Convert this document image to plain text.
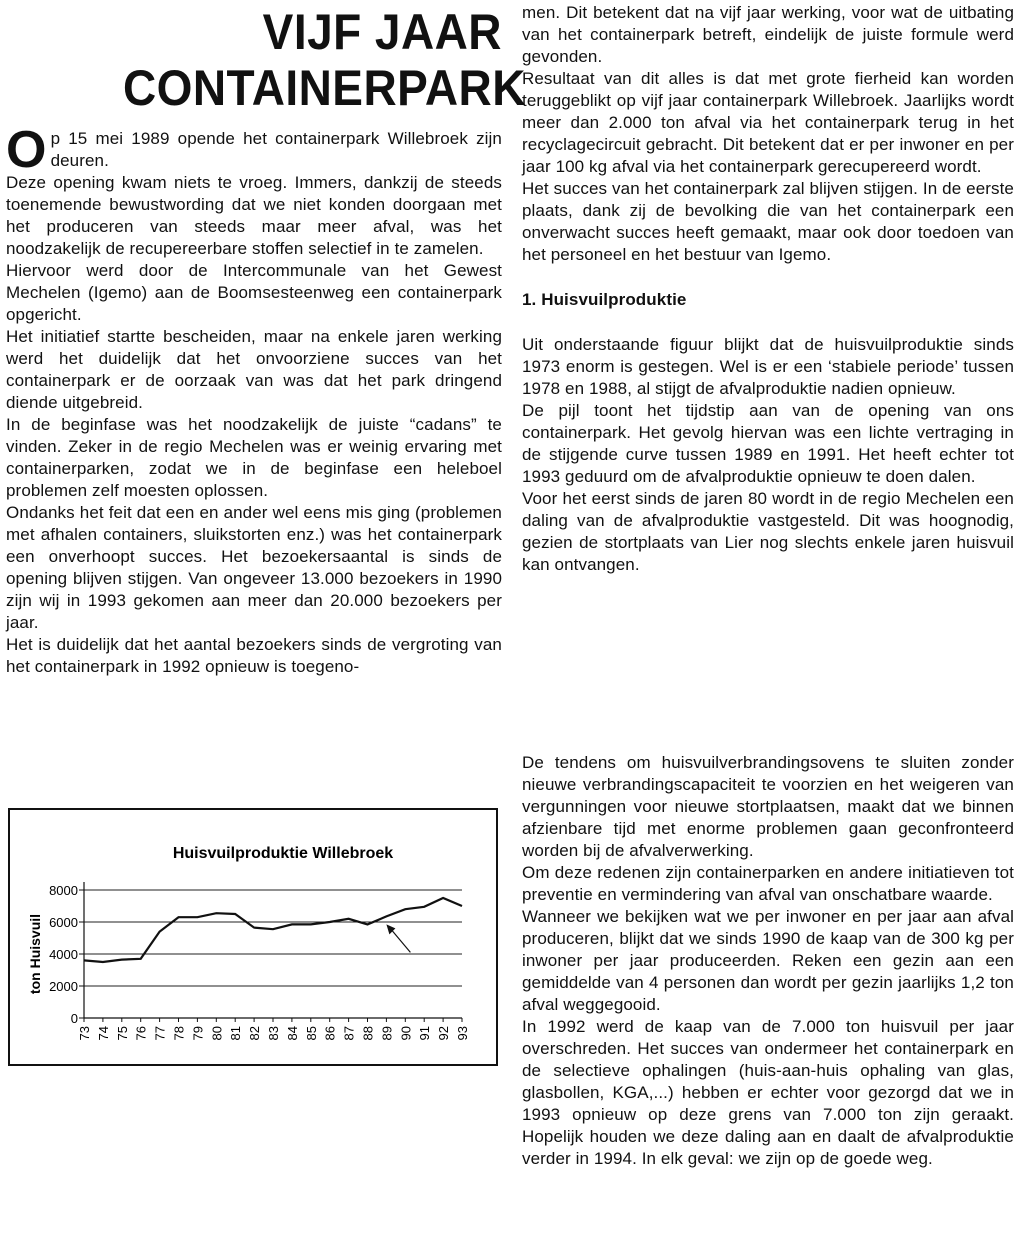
VIJF JAAR
CONTAINERPARK

Op 15 mei 1989 opende het containerpark Willebroek zijn deuren.

Deze opening kwam niets te vroeg. Immers, dankzij de steeds toenemende bewustwording dat we niet konden doorgaan met het produceren van steeds maar meer afval, was het noodzakelijk de recupereerbare stoffen selectief in te zamelen.

Hiervoor werd door de Intercommunale van het Gewest Mechelen (Igemo) aan de Boomsesteenweg een containerpark opgericht.

Het initiatief startte bescheiden, maar na enkele jaren werking werd het duidelijk dat het onvoorziene succes van het containerpark er de oorzaak van was dat het park dringend diende uitgebreid.

In de beginfase was het noodzakelijk de juiste “cadans” te vinden. Zeker in de regio Mechelen was er weinig ervaring met containerparken, zodat we in de beginfase een heleboel problemen zelf moesten oplossen.

Ondanks het feit dat een en ander wel eens mis ging (problemen met afhalen containers, sluikstorten enz.) was het containerpark een onverhoopt succes. Het bezoekersaantal is sinds de opening blijven stijgen. Van ongeveer 13.000 bezoekers in 1990 zijn wij in 1993 gekomen aan meer dan 20.000 bezoekers per jaar.

Het is duidelijk dat het aantal bezoekers sinds de vergroting van het containerpark in 1992 opnieuw is toegeno-

men. Dit betekent dat na vijf jaar werking, voor wat de uitbating van het containerpark betreft, eindelijk de juiste formule werd gevonden.

Resultaat van dit alles is dat met grote fierheid kan worden teruggeblikt op vijf jaar containerpark Willebroek. Jaarlijks wordt meer dan 2.000 ton afval via het containerpark terug in het recyclagecircuit gebracht. Dit betekent dat er per inwoner en per jaar 100 kg afval via het containerpark gerecupereerd wordt.

Het succes van het containerpark zal blijven stijgen. In de eerste plaats, dank zij de bevolking die van het containerpark een onverwacht succes heeft gemaakt, maar ook door toedoen van het personeel en het bestuur van Igemo.

1. Huisvuilproduktie

Uit onderstaande figuur blijkt dat de huisvuilproduktie sinds 1973 enorm is gestegen. Wel is er een ‘stabiele periode’ tussen 1978 en 1988, al stijgt de afvalproduktie nadien opnieuw.

De pijl toont het tijdstip aan van de opening van ons containerpark. Het gevolg hiervan was een lichte vertraging in de stijgende curve tussen 1989 en 1991. Het heeft echter tot 1993 geduurd om de afvalproduktie opnieuw te doen dalen.

Voor het eerst sinds de jaren 80 wordt in de regio Mechelen een daling van de afvalproduktie vastgesteld. Dit was hoognodig, gezien de stortplaats van Lier nog slechts enkele jaren huisvuil kan ontvangen.

De tendens om huisvuilverbrandingsovens te sluiten zonder nieuwe verbrandingscapaciteit te voorzien en het weigeren van vergunningen voor nieuwe stortplaatsen, maakt dat we binnen afzienbare tijd met enorme problemen gaan geconfronteerd worden bij de afvalverwerking.

Om deze redenen zijn containerparken en andere initiatieven tot preventie en vermindering van afval van onschatbare waarde.

Wanneer we bekijken wat we per inwoner en per jaar aan afval produceren, blijkt dat we sinds 1990 de kaap van de 300 kg per inwoner per jaar produceerden. Reken een gezin aan een gemiddelde van 4 personen dan wordt per gezin jaarlijks 1,2 ton afval weggegooid.

In 1992 werd de kaap van de 7.000 ton huisvuil per jaar overschreden. Het succes van ondermeer het containerpark en de selectieve ophalingen (huis-aan-huis ophaling van glas, glasbollen, KGA,...) hebben er echter voor gezorgd dat we in 1993 opnieuw op deze grens van 7.000 ton zijn geraakt. Hopelijk houden we deze daling aan en daalt de afvalproduktie verder in 1994. In elk geval: we zijn op de goede weg.

Huisvuilproduktie Willebroek
ton Huisvuil
0
2000
4000
6000
8000
73 74 75 76 77 78 79 80 81 82 83 84 85 86 87 88 89 90 91 92 93
